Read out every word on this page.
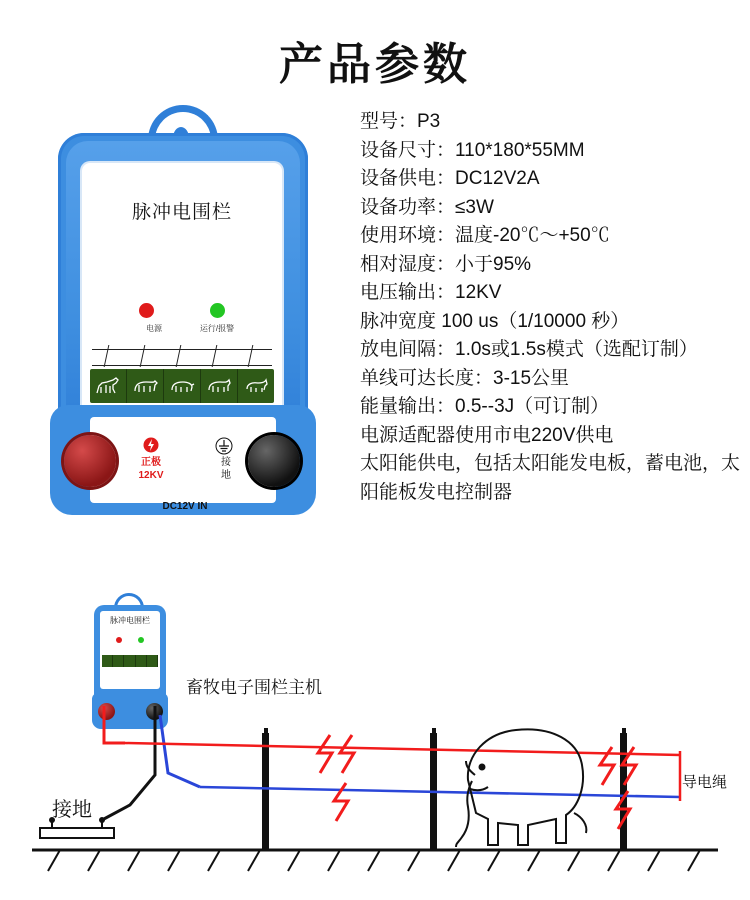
产品参数
脉冲电围栏
电源	运行/报警
正极
12KV
接
地
DC12V IN
型号：P3
设备尺寸：110*180*55MM
设备供电：DC12V2A
设备功率：≤3W
使用环境：温度-20℃～+50℃
相对湿度：小于95%
电压输出：12KV
脉冲宽度 100 us（1/10000 秒）
放电间隔：1.0s或1.5s模式（选配订制）
单线可达长度：3-15公里
能量输出：0.5--3J（可订制）
电源适配器使用市电220V供电
太阳能供电，包括太阳能发电板，蓄电池，太阳能板发电控制器
脉冲电围栏
畜牧电子围栏主机
接地
导电绳
